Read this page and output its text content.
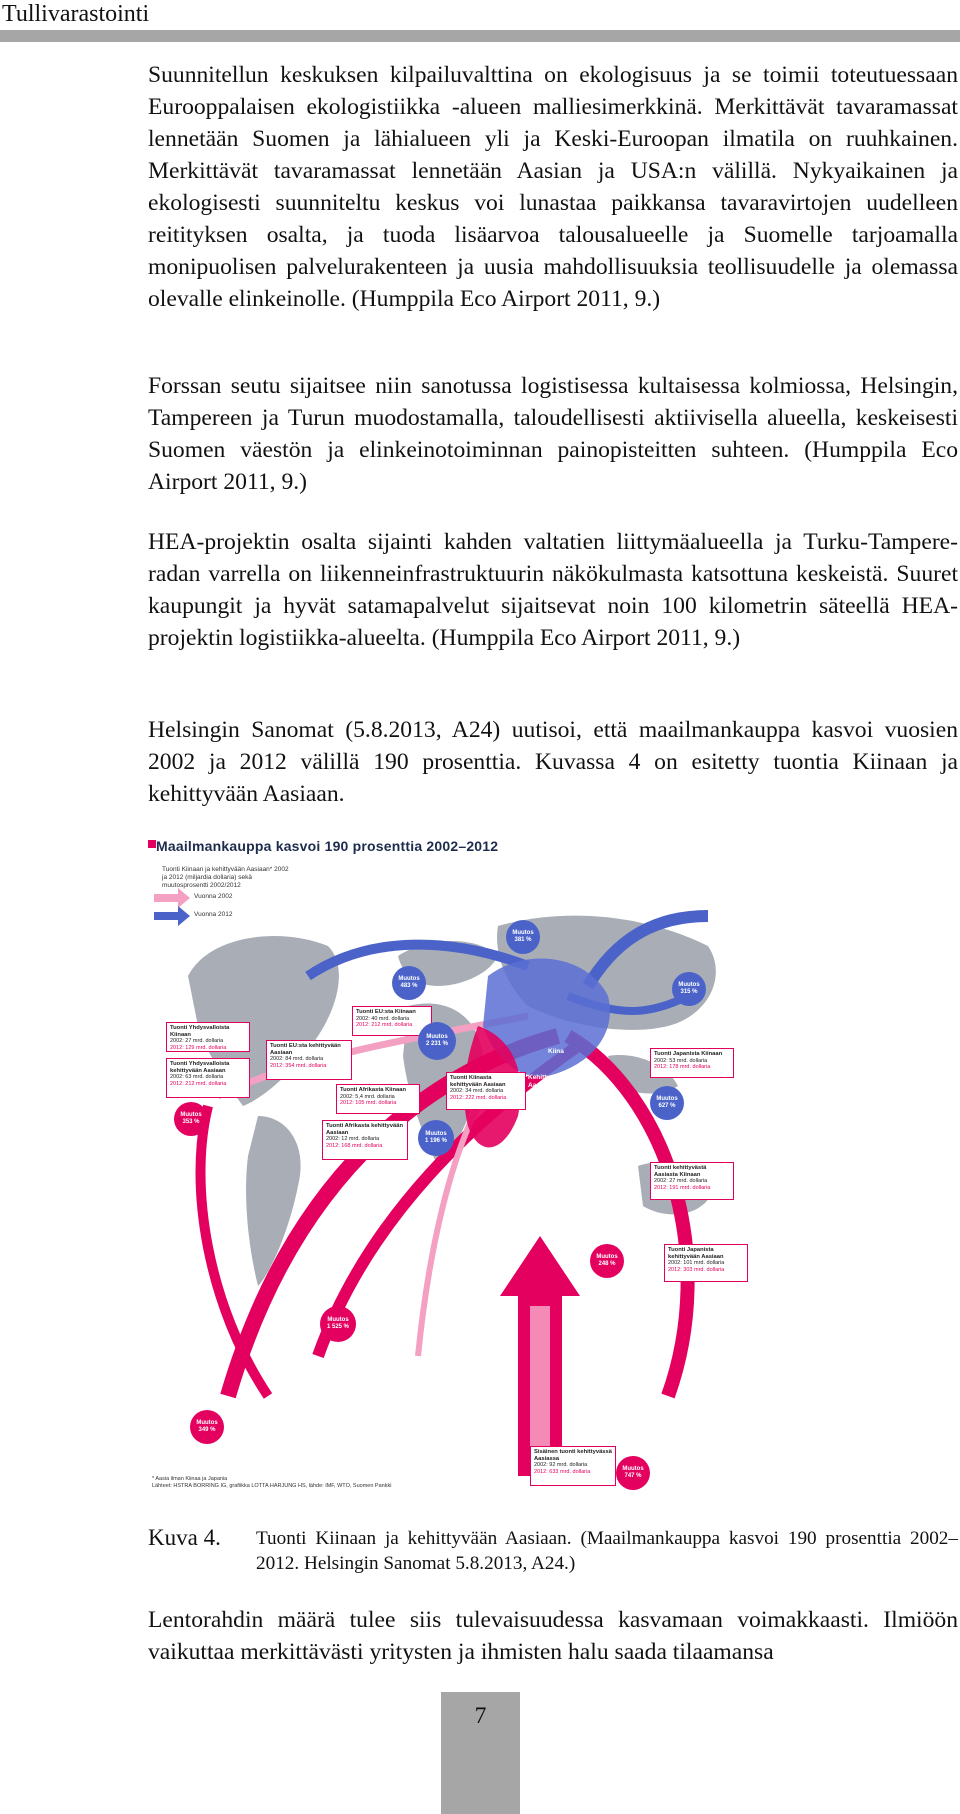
Tullivarastointi

Suunnitellun keskuksen kilpailuvalttina on ekologisuus ja se toimii toteutuessaan Eurooppalaisen ekologistiikka -alueen malliesimerkkinä. Merkittävät tavaramassat lennetään Suomen ja lähialueen yli ja Keski-Euroopan ilmatila on ruuhkainen. Merkittävät tavaramassat lennetään Aasian ja USA:n välillä. Nykyaikainen ja ekologisesti suunniteltu keskus voi lunastaa paikkansa tavaravirtojen uudelleen reitityksen osalta, ja tuoda lisäarvoa talousalueelle ja Suomelle tarjoamalla monipuolisen palvelurakenteen ja uusia mahdollisuuksia teollisuudelle ja olemassa olevalle elinkeinolle. (Humppila Eco Airport 2011, 9.)

Forssan seutu sijaitsee niin sanotussa logistisessa kultaisessa kolmiossa, Helsingin, Tampereen ja Turun muodostamalla, taloudellisesti aktiivisella alueella, keskeisesti Suomen väestön ja elinkeinotoiminnan painopisteitten suhteen. (Humppila Eco Airport 2011, 9.)

HEA-projektin osalta sijainti kahden valtatien liittymäalueella ja Turku-Tampere-radan varrella on liikenneinfrastruktuurin näkökulmasta katsottuna keskeistä. Suuret kaupungit ja hyvät satamapalvelut sijaitsevat noin 100 kilometrin säteellä HEA-projektin logistiikka-alueelta. (Humppila Eco Airport 2011, 9.)

Helsingin Sanomat (5.8.2013, A24) uutisoi, että maailmankauppa kasvoi vuosien 2002 ja 2012 välillä 190 prosenttia. Kuvassa 4 on esitetty tuontia Kiinaan ja kehittyvään Aasiaan.

Maailmankauppa kasvoi 190 prosenttia 2002–2012
Tuonti Kiinaan ja kehittyvään Aasiaan* 2002 ja 2012 (miljardia dollaria) sekä muutosprosentti 2002/2012
Vuonna 2002
Vuonna 2012
Kiina
Kehittyvä Aasia
Tuonti Yhdysvalloista Kiinaan
2002: 27 mrd. dollaria
2012: 129 mrd. dollaria
Tuonti EU:sta Kiinaan
2002: 40 mrd. dollaria
2012: 212 mrd. dollaria
Tuonti Yhdysvalloista kehittyvään Aasiaan
2002: 63 mrd. dollaria
2012: 212 mrd. dollaria
Tuonti EU:sta kehittyvään Aasiaan
2002: 84 mrd. dollaria
2012: 354 mrd. dollaria
Tuonti Afrikasta Kiinaan
2002: 5,4 mrd. dollaria
2012: 105 mrd. dollaria
Tuonti Kiinasta kehittyvään Aasiaan
2002: 34 mrd. dollaria
2012: 222 mrd. dollaria
Tuonti Afrikasta kehittyvään Aasiaan
2002: 12 mrd. dollaria
2012: 168 mrd. dollaria
Tuonti Japanista Kiinaan
2002: 53 mrd. dollaria
2012: 178 mrd. dollaria
Tuonti kehittyvästä Aasiasta Kiinaan
2002: 27 mrd. dollaria
2012: 191 mrd. dollaria
Tuonti Japanista kehittyvään Aasiaan
2002: 101 mrd. dollaria
2012: 303 mrd. dollaria
Sisäinen tuonti kehittyvässä Aasiassa
2002: 92 mrd. dollaria
2012: 633 mrd. dollaria
Muutos
381 %
Muutos
483 %	Muutos
315 %
Muutos
2 231 %
Muutos
627 %
Muutos
353 %
Muutos
1 196 %
Muutos
248 %
Muutos
1 525 %
Muutos
349 %
Muutos
747 %
* Aasia ilman Kiinaa ja Japania
Lähteet: HSTRA BORRING IG, grafiikka LOTTA HARJUNG HS, lähde: IMF, WTO, Suomen Pankki
Kuva 4. Tuonti Kiinaan ja kehittyvään Aasiaan. (Maailmankauppa kasvoi 190 prosenttia 2002–2012. Helsingin Sanomat 5.8.2013, A24.)

Lentorahdin määrä tulee siis tulevaisuudessa kasvamaan voimakkaasti. Ilmiöön vaikuttaa merkittävästi yritysten ja ihmisten halu saada tilaamansa

7
